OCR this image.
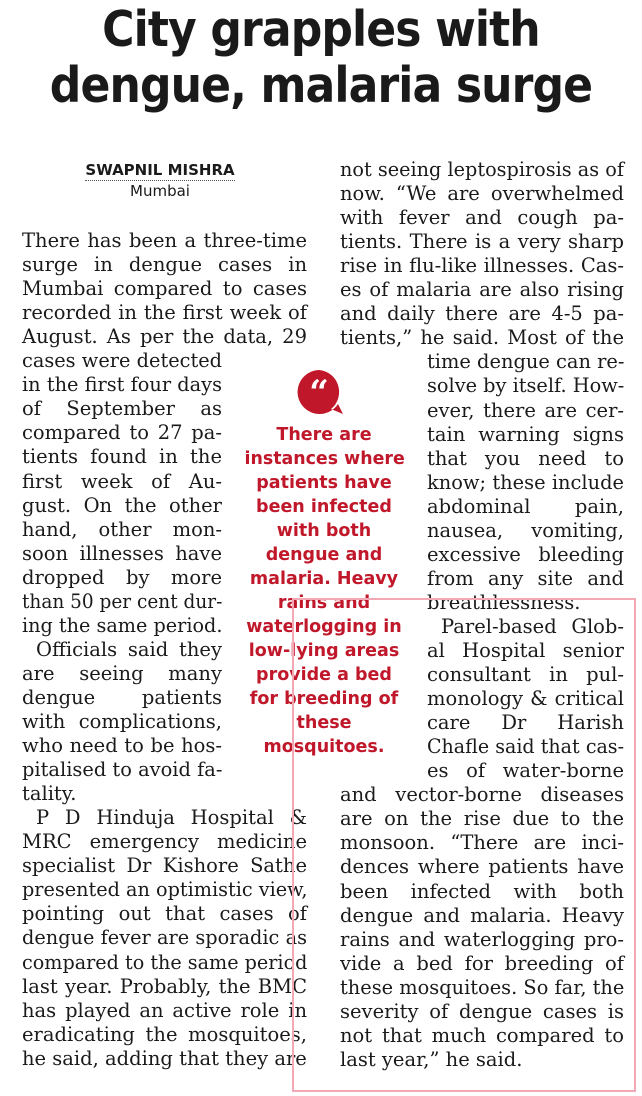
City grapples with
dengue, malaria surge
SWAPNIL MISHRA
Mumbai
There has been a three-time
surge in dengue cases in
Mumbai compared to cases
recorded in the first week of
August. As per the data, 29
cases were detected
in the first four days
of September as
compared to 27 pa-
tients found in the
first week of Au-
gust. On the other
hand, other mon-
soon illnesses have
dropped by more
than 50 per cent dur-
ing the same period.
Officials said they
are seeing many
dengue patients
with complications,
who need to be hos-
pitalised to avoid fa-
tality.
P D Hinduja Hospital &
MRC emergency medicine
specialist Dr Kishore Sathe
presented an optimistic view,
pointing out that cases of
dengue fever are sporadic as
compared to the same period
last year. Probably, the BMC
has played an active role in
eradicating the mosquitoes,
he said, adding that they are
not seeing leptospirosis as of
now. “We are overwhelmed
with fever and cough pa-
tients. There is a very sharp
rise in flu-like illnesses. Cas-
es of malaria are also rising
and daily there are 4-5 pa-
tients,” he said. Most of the
time dengue can re-
solve by itself. How-
ever, there are cer-
tain warning signs
that you need to
know; these include
abdominal pain,
nausea, vomiting,
excessive bleeding
from any site and
breathlessness.
Parel-based Glob-
al Hospital senior
consultant in pul-
monology & critical
care Dr Harish
Chafle said that cas-
es of water-borne
and vector-borne diseases
are on the rise due to the
monsoon. “There are inci-
dences where patients have
been infected with both
dengue and malaria. Heavy
rains and waterlogging pro-
vide a bed for breeding of
these mosquitoes. So far, the
severity of dengue cases is
not that much compared to
last year,” he said.
“
There are
instances where
patients have
been infected
with both
dengue and
malaria. Heavy
rains and
waterlogging in
low-lying areas
provide a bed
for breeding of
these
mosquitoes.
